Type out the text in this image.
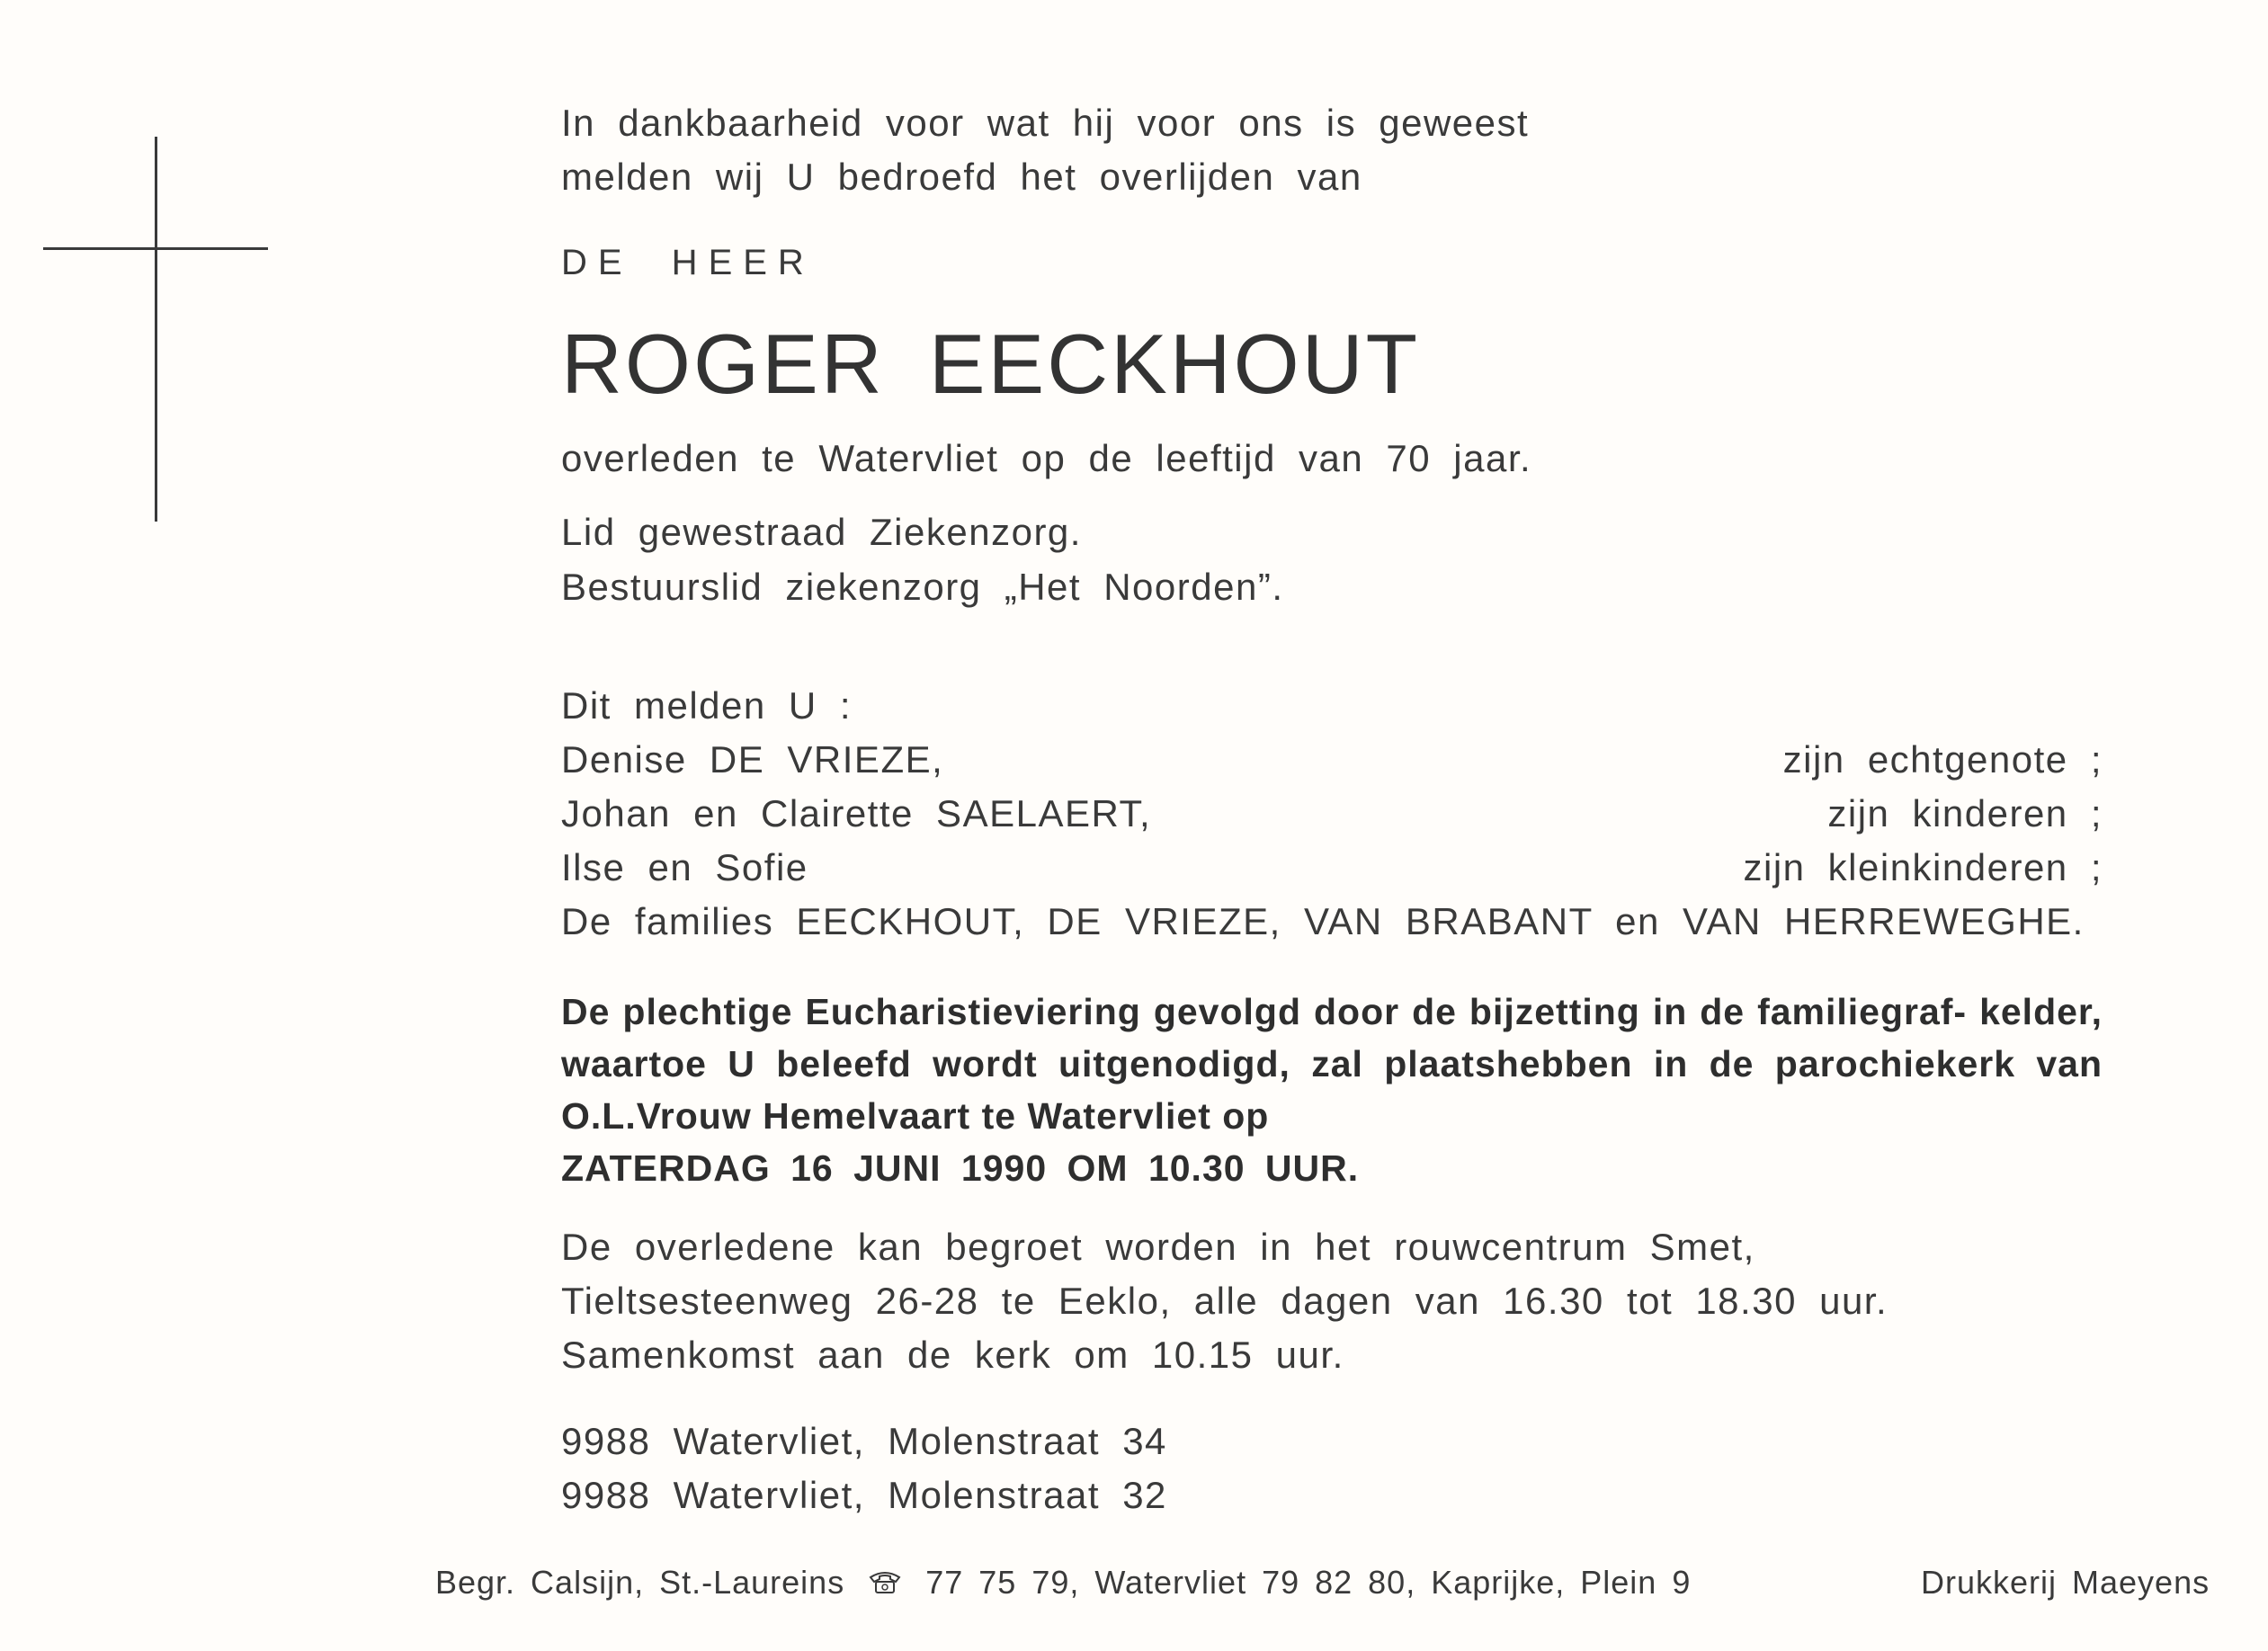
In dankbaarheid voor wat hij voor ons is geweest
melden wij U bedroefd het overlijden van
DE HEER
ROGER EECKHOUT
overleden te Watervliet op de leeftijd van 70 jaar.
Lid gewestraad Ziekenzorg.
Bestuurslid ziekenzorg „Het Noorden”.
Dit melden U :
Denise DE VRIEZE,	zijn echtgenote ;
Johan en Clairette SAELAERT,	zijn kinderen ;
Ilse en Sofie	zijn kleinkinderen ;
De families EECKHOUT, DE VRIEZE, VAN BRABANT en VAN HERREWEGHE.
De plechtige Eucharistieviering gevolgd door de bijzetting in de familiegraf- kelder, waartoe U beleefd wordt uitgenodigd, zal plaatshebben in de parochiekerk van O.L.Vrouw Hemelvaart te Watervliet op
ZATERDAG 16 JUNI 1990 OM 10.30 UUR.
De overledene kan begroet worden in het rouwcentrum Smet,
Tieltsesteenweg 26-28 te Eeklo, alle dagen van 16.30 tot 18.30 uur.
Samenkomst aan de kerk om 10.15 uur.
9988 Watervliet, Molenstraat 34
9988 Watervliet, Molenstraat 32
Begr. Calsijn, St.-Laureins	77 75 79, Watervliet 79 82 80, Kaprijke, Plein 9	Drukkerij Maeyens
